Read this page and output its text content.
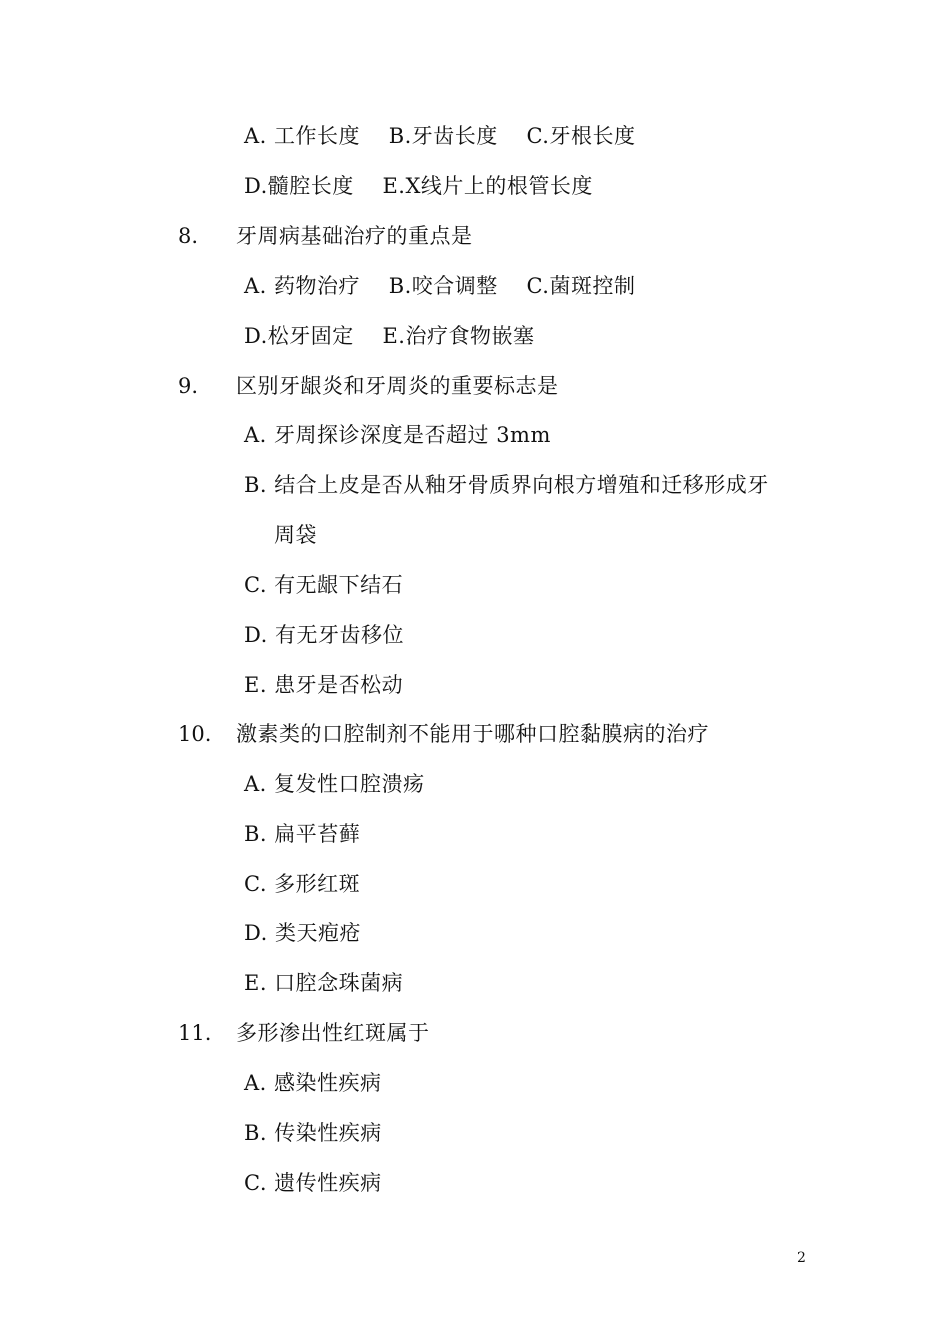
A. 工作长度　 B.牙齿长度　 C.牙根长度
D.髓腔长度　 E.X线片上的根管长度
8. 牙周病基础治疗的重点是
A. 药物治疗　 B.咬合调整　 C.菌斑控制
D.松牙固定　 E.治疗食物嵌塞
9. 区别牙龈炎和牙周炎的重要标志是
A. 牙周探诊深度是否超过 3mm
B. 结合上皮是否从釉牙骨质界向根方增殖和迁移形成牙
周袋
C. 有无龈下结石
D. 有无牙齿移位
E. 患牙是否松动
10. 激素类的口腔制剂不能用于哪种口腔黏膜病的治疗
A. 复发性口腔溃疡
B. 扁平苔藓
C. 多形红斑
D. 类天疱疮
E. 口腔念珠菌病
11. 多形渗出性红斑属于
A. 感染性疾病
B. 传染性疾病
C. 遗传性疾病
2
